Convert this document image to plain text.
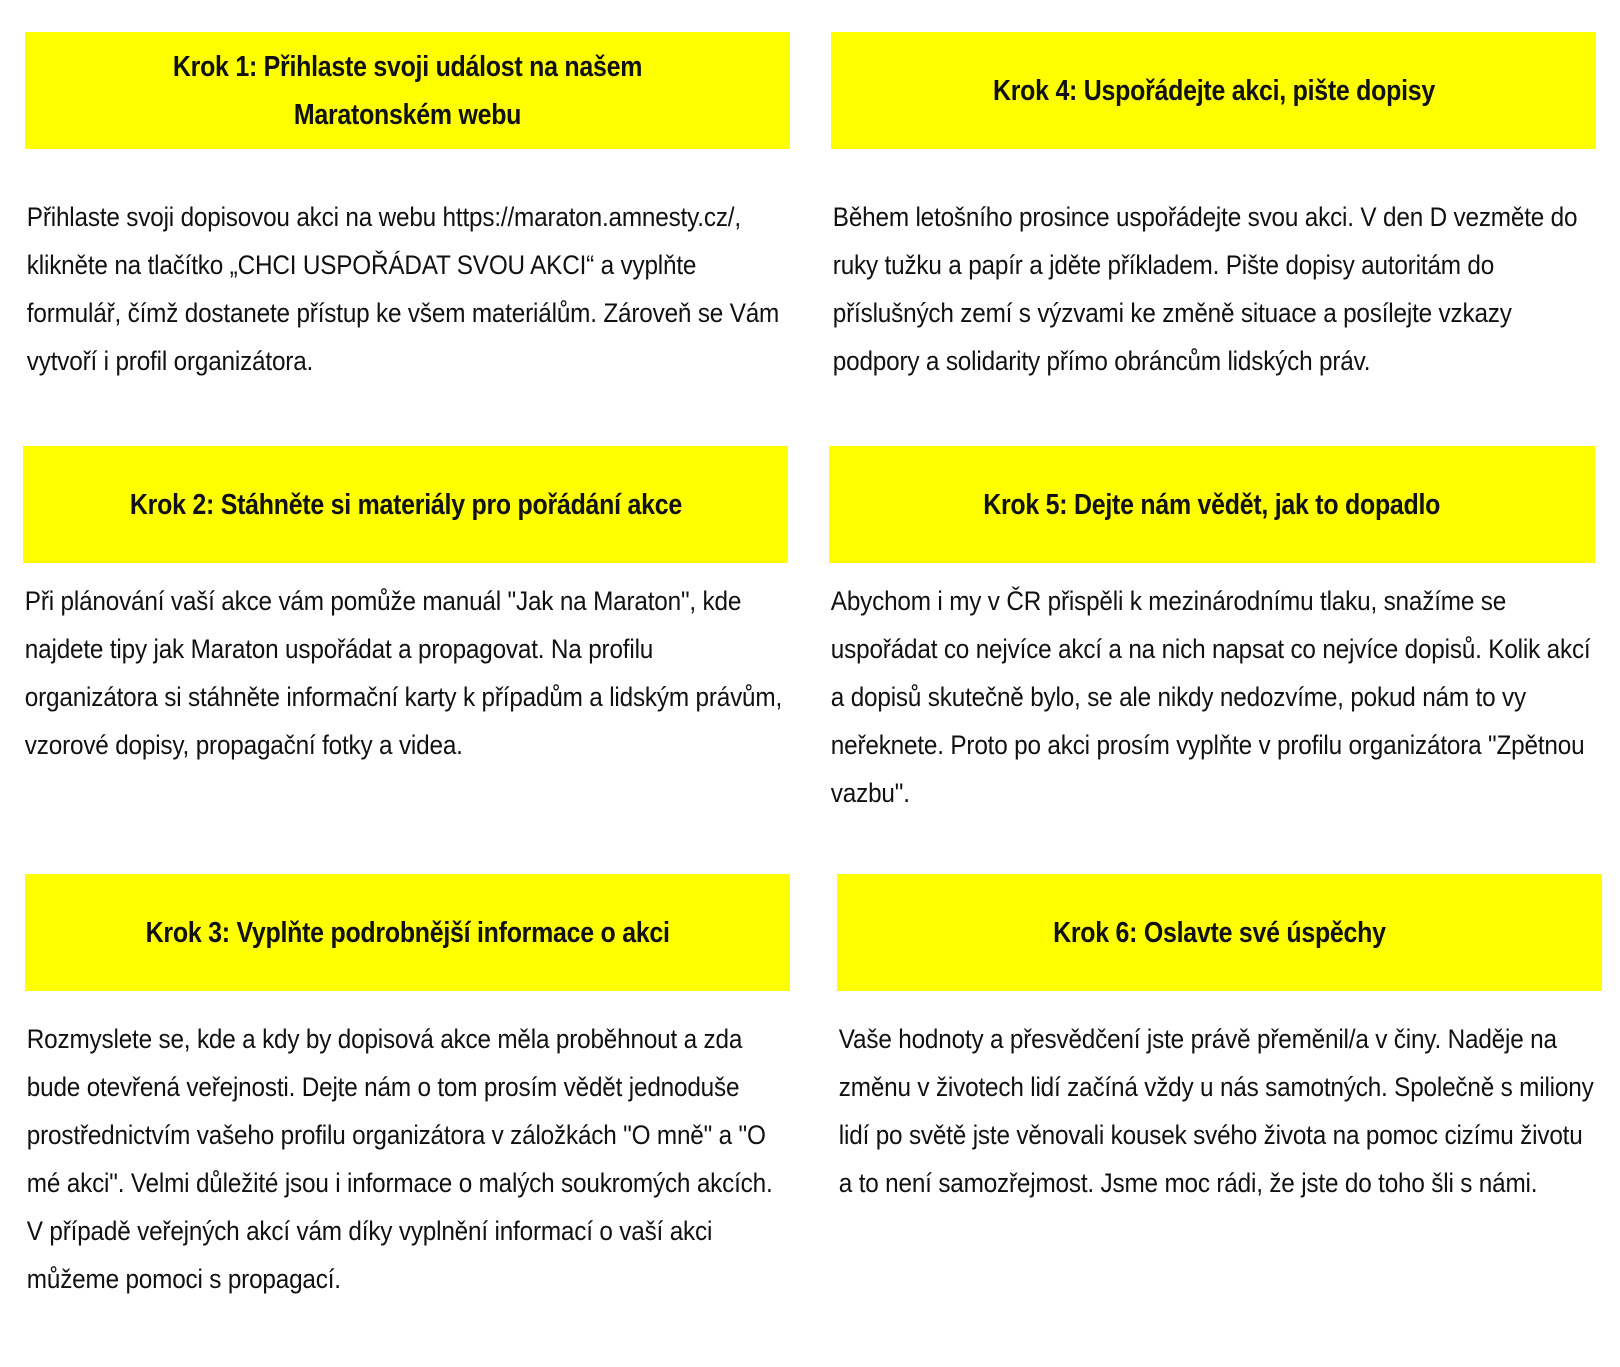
Krok 1: Přihlaste svoji událost na našem Maratonském webu

Přihlaste svoji dopisovou akci na webu https://maraton.amnesty.cz/, klikněte na tlačítko „CHCI USPOŘÁDAT SVOU AKCI“ a vyplňte formulář, čímž dostanete přístup ke všem materiálům. Zároveň se Vám vytvoří i profil organizátora.

Krok 2: Stáhněte si materiály pro pořádání akce

Při plánování vaší akce vám pomůže manuál "Jak na Maraton", kde najdete tipy jak Maraton uspořádat a propagovat. Na profilu organizátora si stáhněte informační karty k případům a lidským právům, vzorové dopisy, propagační fotky a videa.

Krok 3: Vyplňte podrobnější informace o akci

Rozmyslete se, kde a kdy by dopisová akce měla proběhnout a zda bude otevřená veřejnosti. Dejte nám o tom prosím vědět jednoduše prostřednictvím vašeho profilu organizátora v záložkách "O mně" a "O mé akci". Velmi důležité jsou i informace o malých soukromých akcích. V případě veřejných akcí vám díky vyplnění informací o vaší akci můžeme pomoci s propagací.

Krok 4: Uspořádejte akci, pište dopisy

Během letošního prosince uspořádejte svou akci. V den D vezměte do ruky tužku a papír a jděte příkladem. Pište dopisy autoritám do příslušných zemí s výzvami ke změně situace a posílejte vzkazy podpory a solidarity přímo obráncům lidských práv.

Krok 5: Dejte nám vědět, jak to dopadlo

Abychom i my v ČR přispěli k mezinárodnímu tlaku, snažíme se uspořádat co nejvíce akcí a na nich napsat co nejvíce dopisů. Kolik akcí a dopisů skutečně bylo, se ale nikdy nedozvíme, pokud nám to vy neřeknete. Proto po akci prosím vyplňte v profilu organizátora "Zpětnou vazbu".

Krok 6: Oslavte své úspěchy

Vaše hodnoty a přesvědčení jste právě přeměnil/a v činy. Naděje na změnu v životech lidí začíná vždy u nás samotných. Společně s miliony lidí po světě jste věnovali kousek svého života na pomoc cizímu životu a to není samozřejmost. Jsme moc rádi, že jste do toho šli s námi.
